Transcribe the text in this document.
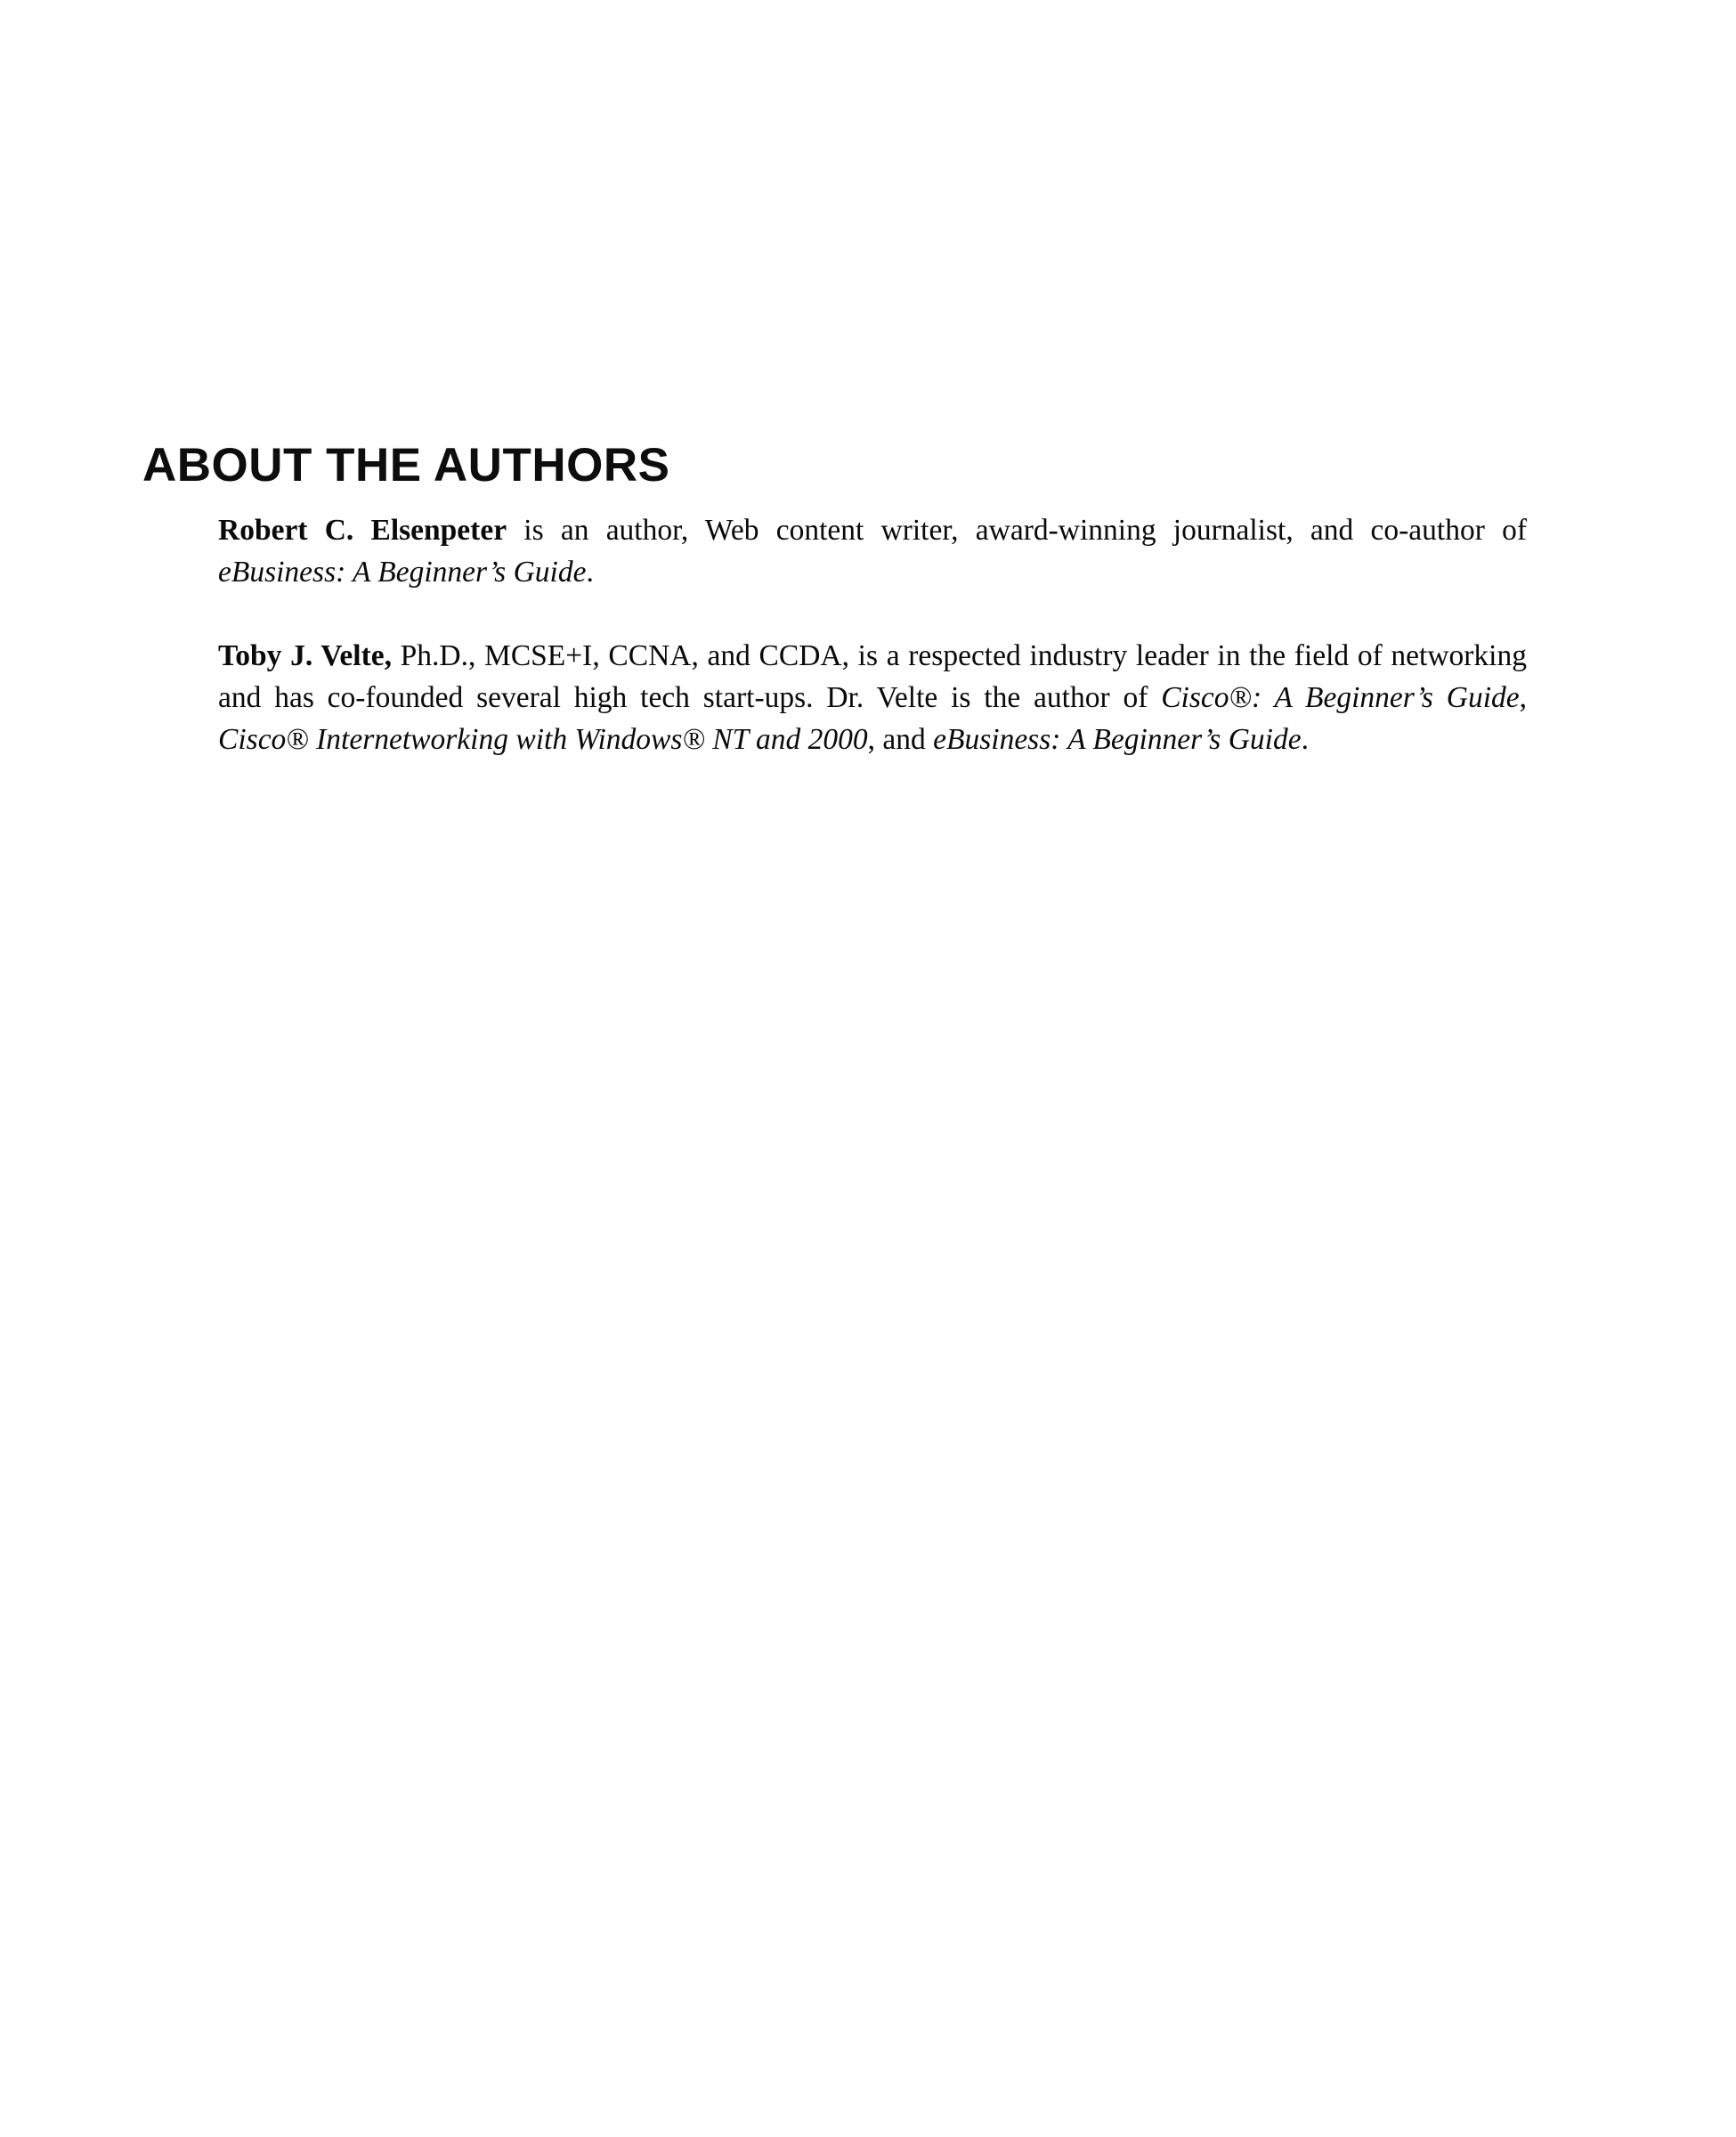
ABOUT THE AUTHORS

Robert C. Elsenpeter is an author, Web content writer, award-winning journalist, and co-author of eBusiness: A Beginner’s Guide.

Toby J. Velte, Ph.D., MCSE+I, CCNA, and CCDA, is a respected industry leader in the field of networking and has co-founded several high tech start-ups. Dr. Velte is the author of Cisco®: A Beginner’s Guide, Cisco® Internetworking with Windows® NT and 2000, and eBusiness: A Beginner’s Guide.
